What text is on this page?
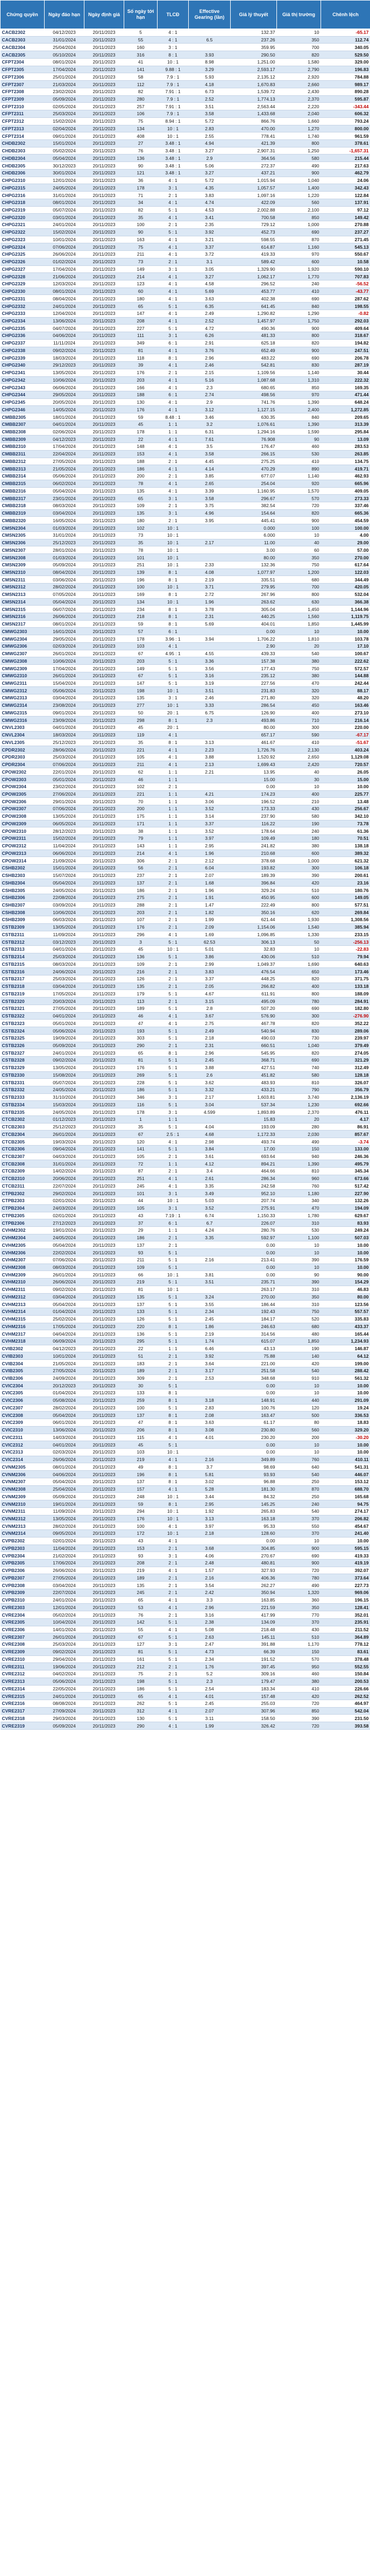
Chứng quyền	Ngày đáo hạn	Ngày định giá	Số ngày tới hạn	TLCĐ	Effective Gearing (lần)	Giá lý thuyết	Giá thị trường	Chênh lệch
CACB2302	04/12/2023	20/11/2023	5	4 : 1		132.37	10	-65.17
CACB2303	31/01/2024	20/11/2023	55	4 : 1	6.5	237.26	350	112.74
CACB2304	25/04/2024	20/11/2023	160	3 : 1		359.95	700	340.05
CACB2305	05/10/2024	20/11/2023	316	8 : 1	3.93	290.50	820	529.50
CFPT2304	08/01/2024	20/11/2023	41	10 : 1	8.98	1,251.00	1,580	329.00
CFPT2305	17/04/2024	20/11/2023	141	9.88 : 1	3.29	2,593.17	2,790	196.83
CFPT2306	25/01/2024	20/11/2023	58	7.9 : 1	5.93	2,135.12	2,920	784.88
CFPT2307	21/03/2024	20/11/2023	112	7.9 : 1	4.18	1,670.83	2,660	989.17
CFPT2308	23/02/2024	20/11/2023	82	7.91 : 1	6.73	1,539.72	2,430	890.28
CFPT2309	05/09/2024	20/11/2023	280	7.9 : 1	2.52	1,774.13	2,370	595.87
CFPT2310	02/05/2024	20/11/2023	257	7.91 : 1	3.51	2,563.44	2,220	-343.44
CFPT2311	25/03/2024	20/11/2023	106	7.9 : 1	3.58	1,433.68	2,040	606.32
CFPT2312	15/02/2024	20/11/2023	75	8.94 : 1	5.72	866.76	1,660	793.24
CFPT2313	02/04/2024	20/11/2023	134	10 : 1	2.83	470.00	1,270	800.00
CFPT2314	09/01/2024	20/11/2023	408	10 : 1	2.55	778.41	1,740	961.59
CHDB2302	15/01/2024	20/11/2023	27	3.48 : 1	4.94	421.39	800	378.61
CHDB2303	05/02/2024	20/11/2023	76	3.48 : 1	3.27	2,907.31	1,250	-1,657.31
CHDB2304	05/04/2024	20/11/2023	136	3.48 : 1	2.9	364.56	580	215.44
CHDB2305	30/12/2023	20/11/2023	90	3.48 : 1	5.06	272.37	490	217.63
CHDB2306	30/01/2024	20/11/2023	121	3.48 : 1	3.27	437.21	900	462.79
CHPG2310	12/01/2024	20/11/2023	36	4 : 1	5.72	1,015.94	1,040	24.06
CHPG2315	24/05/2024	20/11/2023	178	3 : 1	4.35	1,057.57	1,400	342.43
CHPG2316	31/01/2024	20/11/2023	71	2 : 1	3.83	1,097.16	1,220	122.84
CHPG2318	08/01/2024	20/11/2023	34	4 : 1	4.74	422.09	560	137.91
CHPG2319	05/07/2024	20/11/2023	82	5 : 1	4.53	2,002.88	2,100	97.12
CHPG2320	03/01/2024	20/11/2023	35	4 : 1	3.41	700.58	850	149.42
CHPG2321	24/01/2024	20/11/2023	100	2 : 1	2.35	729.12	1,000	270.88
CHPG2322	15/02/2024	20/11/2023	90	5 : 1	3.92	452.73	690	237.27
CHPG2323	10/01/2024	20/11/2023	163	4 : 1	3.21	598.55	870	271.45
CHPG2324	07/06/2024	20/11/2023	75	4 : 1	3.37	614.87	1,160	545.13
CHPG2325	26/06/2024	20/11/2023	211	4 : 1	3.72	419.33	970	550.67
CHPG2326	01/02/2024	20/11/2023	73	2 : 1	3.1	589.42	600	10.58
CHPG2327	17/04/2024	20/11/2023	149	3 : 1	3.05	1,329.90	1,920	590.10
CHPG2328	21/06/2024	20/11/2023	214	4 : 1	3.27	1,062.17	1,770	707.83
CHPG2329	12/03/2024	20/11/2023	123	4 : 1	4.58	296.52	240	-56.52
CHPG2330	08/01/2024	20/11/2023	60	4 : 1	5.69	453.77	410	-43.77
CHPG2331	08/04/2024	20/11/2023	180	4 : 1	3.63	402.38	690	287.62
CHPG2332	24/01/2024	20/11/2023	65	5 : 1	6.35	641.45	840	198.55
CHPG2333	12/04/2024	20/11/2023	147	4 : 1	2.49	1,290.82	1,290	-0.82
CHPG2334	13/06/2024	20/11/2023	208	4 : 1	2.52	1,457.97	1,750	292.03
CHPG2335	04/07/2024	20/11/2023	227	5 : 1	4.72	490.36	900	409.64
CHPG2336	04/06/2024	20/11/2023	111	3 : 1	6.26	481.33	800	318.67
CHPG2337	11/11/2024	20/11/2023	349	6 : 1	2.91	625.18	820	194.82
CHPG2338	09/02/2024	20/11/2023	81	4 : 1	3.76	652.49	900	247.51
CHPG2339	18/03/2024	20/11/2023	118	8 : 1	2.96	483.22	690	206.78
CHPG2340	29/12/2023	20/11/2023	39	4 : 1	2.46	542.81	830	287.19
CHPG2341	13/05/2024	20/11/2023	176	2 : 1	2.15	1,109.56	1,140	30.44
CHPG2342	10/06/2024	20/11/2023	203	4 : 1	5.16	1,087.68	1,310	222.32
CHPG2343	06/06/2024	20/11/2023	166	4 : 1	2.3	680.65	850	169.35
CHPG2344	29/05/2024	20/11/2023	188	6 : 1	2.74	498.56	970	471.44
CHPG2345	20/05/2024	20/11/2023	130	4 : 1	2.9	741.76	1,390	648.24
CHPG2346	14/05/2024	20/11/2023	176	4 : 1	3.12	1,127.15	2,400	1,272.85
CMBB2305	18/01/2024	20/11/2023	59	8.48 : 1	3.46	630.35	840	209.65
CMBB2307	04/01/2024	20/11/2023	45	1 : 1	3.2	1,076.61	1,390	313.39
CMBB2308	02/06/2024	20/11/2023	178	1 : 1	6.31	1,294.16	1,590	295.84
CMBB2309	04/12/2023	20/11/2023	22	4 : 1	7.61	76.908	90	13.09
CMBB2310	17/04/2024	20/11/2023	148	4 : 1	3.5	176.47	460	283.53
CMBB2311	22/04/2024	20/11/2023	153	4 : 1	3.58	266.15	530	263.85
CMBB2312	27/05/2024	20/11/2023	188	2 : 1	4.45	275.25	410	134.75
CMBB2313	21/05/2024	20/11/2023	186	4 : 1	4.14	470.29	890	419.71
CMBB2314	05/06/2024	20/11/2023	200	2 : 1	3.85	677.07	1,140	462.93
CMBB2315	06/02/2024	20/11/2023	78	4 : 1	2.65	254.04	920	665.96
CMBB2316	05/04/2024	20/11/2023	135	4 : 1	3.39	1,160.95	1,570	409.05
CMBB2317	23/01/2024	20/11/2023	65	3 : 1	3.58	296.67	570	273.33
CMBB2318	08/03/2024	20/11/2023	109	2 : 1	3.75	382.54	720	337.46
CMBB2319	03/04/2024	20/11/2023	135	3 : 1	4.96	154.64	820	665.36
CMBB2320	16/05/2024	20/11/2023	180	2 : 1	3.95	445.41	900	454.59
CMSN2304	01/03/2024	20/11/2023	102	10 : 1		0.000	100	100.00
CMSN2305	31/01/2024	20/11/2023	73	10 : 1		6.000	10	4.00
CMSN2306	25/12/2023	20/11/2023	35	10 : 1	2.17	11.00	40	29.00
CMSN2307	28/01/2024	20/11/2023	78	10 : 1		3.00	60	57.00
CMSN2308	01/03/2024	20/11/2023	101	10 : 1		80.00	350	270.00
CMSN2309	05/09/2024	20/11/2023	251	10 : 1	2.33	132.36	750	617.64
CMSN2310	08/04/2024	20/11/2023	139	8 : 1	4.08	1,077.97	1,200	122.03
CMSN2311	03/06/2024	20/11/2023	196	8 : 1	2.19	335.51	680	344.49
CMSN2312	28/02/2024	20/11/2023	100	10 : 1	3.71	279.95	700	420.05
CMSN2313	07/05/2024	20/11/2023	169	8 : 1	2.72	267.96	800	532.04
CMSN2314	05/04/2024	20/11/2023	134	10 : 1	1.96	263.62	630	366.38
CMSN2315	06/07/2024	20/11/2023	234	8 : 1	3.78	305.04	1,450	1,144.96
CMSN2316	26/06/2024	20/11/2023	218	8 : 1	2.31	440.25	1,560	1,119.75
CMSN2317	08/01/2024	20/11/2023	59	8 : 1	5.69	404.01	1,850	1,445.99
CMWG2303	16/01/2024	20/11/2023	57	6 : 1		0.00	10	10.00
CMWG2304	29/05/2024	20/11/2023	178	3.96 : 1	3.94	1,706.22	1,810	103.78
CMWG2306	02/03/2024	20/11/2023	103	4 : 1		2.90	20	17.10
CMWG2307	26/01/2024	20/11/2023	67	4.95 : 1	4.55	439.33	540	100.67
CMWG2308	10/06/2024	20/11/2023	203	5 : 1	3.36	157.38	380	222.62
CMWG2309	17/04/2024	20/11/2023	149	5 : 1	3.56	177.43	750	572.57
CMWG2310	26/01/2024	20/11/2023	67	5 : 1	3.16	235.12	380	144.88
CMWG2311	15/04/2024	20/11/2023	147	5 : 1	3.19	227.56	470	242.44
CMWG2312	05/06/2024	20/11/2023	198	10 : 1	3.51	231.83	320	88.17
CMWG2313	03/04/2024	20/11/2023	135	3 : 1	2.46	271.80	320	48.20
CMWG2314	23/08/2024	20/11/2023	277	10 : 1	3.33	286.54	450	163.46
CMWG2315	09/01/2024	20/11/2023	50	20 : 1	6.75	126.90	400	273.10
CMWG2316	23/09/2024	20/11/2023	298	8 : 1	2.3	493.86	710	216.14
CNVL2303	04/01/2024	20/11/2023	45	20 : 1		80.00	300	220.00
CNVL2304	18/03/2024	20/11/2023	119	4 : 1		657.17	590	-67.17
CNVL2305	25/12/2023	20/11/2023	35	8 : 1	3.13	461.67	410	-51.67
CPDR2302	28/06/2024	20/11/2023	221	4 : 1	2.23	1,726.76	2,130	403.24
CPDR2303	25/03/2024	20/11/2023	105	4 : 1	3.88	1,520.92	2,650	1,129.08
CPDR2304	07/06/2024	20/11/2023	211	4 : 1	2.13	1,699.43	2,420	720.57
CPOW2302	22/01/2024	20/11/2023	62	1 : 1	2.21	13.95	40	26.05
CPOW2303	05/01/2024	20/11/2023	46	1 : 1		15.00	30	15.00
CPOW2304	23/02/2024	20/11/2023	102	2 : 1		0.00	10	10.00
CPOW2305	27/06/2024	20/11/2023	221	1 : 1	4.21	174.23	400	225.77
CPOW2306	29/01/2024	20/11/2023	70	1 : 1	3.06	196.52	210	13.48
CPOW2307	07/06/2024	20/11/2023	200	1 : 1	3.52	173.33	430	256.67
CPOW2308	13/05/2024	20/11/2023	175	1 : 1	3.14	237.90	580	342.10
CPOW2309	06/05/2024	20/11/2023	171	1 : 1	3.37	116.22	190	73.78
CPOW2310	28/12/2023	20/11/2023	38	1 : 1	3.52	178.64	240	61.36
CPOW2311	15/02/2024	20/11/2023	79	1 : 1	3.97	109.49	180	70.51
CPOW2312	11/04/2024	20/11/2023	143	1 : 1	2.95	241.82	380	138.18
CPOW2313	06/06/2024	20/11/2023	214	4 : 1	1.96	210.68	600	389.32
CPOW2314	21/09/2024	20/11/2023	306	2 : 1	2.12	378.68	1,000	621.32
CSHB2302	15/01/2024	20/11/2023	56	2 : 1	6.04	193.82	300	106.18
CSHB2303	15/07/2024	20/11/2023	237	2 : 1	2.07	189.39	390	200.61
CSHB2304	05/04/2024	20/11/2023	137	2 : 1	1.68	396.84	420	23.16
CSHB2305	24/05/2024	20/11/2023	186	2 : 1	1.96	329.24	510	180.76
CSHB2306	22/08/2024	20/11/2023	275	2 : 1	1.91	450.95	600	149.05
CSHB2307	03/09/2024	20/11/2023	288	2 : 1	1.47	222.49	800	577.51
CSHB2308	10/06/2024	20/11/2023	203	2 : 1	1.82	350.16	620	269.84
CSHB2309	06/03/2024	20/11/2023	107	2 : 1	1.99	621.44	1,930	1,308.56
CSTB2309	13/05/2024	20/11/2023	176	2 : 1	2.09	1,154.06	1,540	385.94
CSTB2311	11/09/2024	20/11/2023	296	4 : 1	1.69	1,096.85	1,330	233.15
CSTB2312	03/12/2023	20/11/2023	3	5 : 1	62.53	306.13	50	-256.13
CSTB2313	04/01/2024	20/11/2023	45	10 : 1	5.01	32.83	10	-22.83
CSTB2314	25/03/2024	20/11/2023	136	5 : 1	3.86	430.06	510	79.94
CSTB2315	08/03/2024	20/11/2023	109	2 : 1	2.99	1,049.37	1,690	640.63
CSTB2316	24/06/2024	20/11/2023	216	2 : 1	3.83	476.54	650	173.46
CSTB2317	25/03/2024	20/11/2023	126	2 : 1	3.37	448.25	820	371.75
CSTB2318	03/04/2024	20/11/2023	135	2 : 1	2.05	266.82	400	133.18
CSTB2319	17/05/2024	20/11/2023	179	5 : 1	4.67	611.91	800	188.09
CSTB2320	20/03/2024	20/11/2023	113	2 : 1	3.15	495.09	780	284.91
CSTB2321	27/05/2024	20/11/2023	189	5 : 1	2.8	507.20	690	182.80
CSTB2322	04/01/2024	20/11/2023	46	4 : 1	3.67	576.90	300	-276.90
CSTB2323	05/01/2024	20/11/2023	47	4 : 1	2.75	467.78	820	352.22
CSTB2324	05/06/2024	20/11/2023	193	5 : 1	2.49	540.94	830	289.06
CSTB2325	19/09/2024	20/11/2023	303	5 : 1	2.18	490.03	730	239.97
CSTB2326	05/09/2024	20/11/2023	290	2 : 1	2.31	660.51	1,040	379.49
CSTB2327	24/01/2024	20/11/2023	65	8 : 1	2.96	545.95	820	274.05
CSTB2328	09/02/2024	20/11/2023	81	5 : 1	2.45	368.71	690	321.29
CSTB2329	13/05/2024	20/11/2023	176	5 : 1	3.88	427.51	740	312.49
CSTB2330	15/08/2024	20/11/2023	269	5 : 1	2.6	451.82	580	128.18
CSTB2331	05/07/2024	20/11/2023	228	5 : 1	3.62	483.93	810	326.07
CSTB2332	24/05/2024	20/11/2023	186	5 : 1	3.32	433.21	790	356.79
CSTB2333	31/10/2024	20/11/2023	346	3 : 1	2.17	1,603.81	3,740	2,136.19
CSTB2334	15/03/2024	20/11/2023	116	5 : 1	3.04	537.34	1,230	692.66
CSTB2335	24/05/2024	20/11/2023	178	3 : 1	4.599	1,893.89	2,370	476.11
CTCB2302	01/12/2023	20/11/2023	1	1 : 1		15.83	20	4.17
CTCB2303	25/12/2023	20/11/2023	35	5 : 1	4.04	193.09	280	86.91
CTCB2304	26/01/2024	20/11/2023	67	2.5 : 1	4.68	1,172.33	2,030	857.67
CTCB2305	19/03/2024	20/11/2023	120	4 : 1	2.98	493.74	490	-3.74
CTCB2306	09/04/2024	20/11/2023	141	5 : 1	3.84	17.00	150	133.00
CTCB2307	04/03/2024	20/11/2023	105	2 : 1	3.61	693.64	940	246.36
CTCB2308	31/01/2024	20/11/2023	72	1 : 1	4.12	894.21	1,390	495.79
CTCB2309	14/02/2024	20/11/2023	87	2 : 1	3.4	464.66	810	345.34
CTCB2310	20/06/2024	20/11/2023	251	4 : 1	2.61	286.34	960	673.66
CTCB2311	22/07/2024	20/11/2023	245	4 : 1	3.35	242.58	760	517.42
CTPB2302	29/02/2024	20/11/2023	101	3 : 1	3.49	952.10	1,180	227.90
CTPB2303	02/01/2024	20/11/2023	44	10 : 1	5.03	207.74	340	132.26
CTPB2304	24/03/2024	20/11/2023	105	3 : 1	3.52	275.91	470	194.09
CTPB2305	02/01/2024	20/11/2023	43	7.19 : 1	6.74	1,150.33	1,780	629.67
CTPB2306	27/12/2023	20/11/2023	37	6 : 1	6.7	226.07	310	83.93
CVHM2302	19/01/2024	20/11/2023	29	1 : 1	4.24	280.76	530	249.24
CVHM2304	24/05/2024	20/11/2023	186	2 : 1	3.35	592.97	1,100	507.03
CVHM2305	05/04/2024	20/11/2023	137	2 : 1		0.00	10	10.00
CVHM2306	22/02/2024	20/11/2023	93	5 : 1		0.00	10	10.00
CVHM2307	07/06/2024	20/11/2023	211	5 : 1	2.16	213.41	390	176.59
CVHM2308	08/03/2024	20/11/2023	109	5 : 1		0.00	10	10.00
CVHM2309	26/01/2024	20/11/2023	66	10 : 1	3.81	0.00	90	90.00
CVHM2310	26/06/2024	20/11/2023	219	5 : 1	3.51	235.71	390	154.29
CVHM2311	09/02/2024	20/11/2023	81	10 : 1		263.17	310	46.83
CVHM2312	03/04/2024	20/11/2023	135	5 : 1	3.24	270.00	350	80.00
CVHM2313	05/04/2024	20/11/2023	137	5 : 1	3.55	186.44	310	123.56
CVHM2314	01/04/2024	20/11/2023	133	5 : 1	2.34	192.43	750	557.57
CVHM2315	25/02/2024	20/11/2023	126	5 : 1	2.45	184.17	520	335.83
CVHM2316	17/05/2024	20/11/2023	220	8 : 1	1.86	246.63	680	433.37
CVHM2317	04/04/2024	20/11/2023	136	5 : 1	2.19	314.56	480	165.44
CVHM2318	06/09/2024	20/11/2023	295	5 : 1	1.74	615.07	1,850	1,234.93
CVIB2302	04/12/2023	20/11/2023	22	1 : 1	6.46	43.13	190	146.87
CVIB2303	10/01/2024	20/11/2023	51	2 : 1	3.92	75.88	140	64.12
CVIB2304	21/05/2024	20/11/2023	183	2 : 1	3.64	221.00	420	199.00
CVIB2305	27/05/2024	20/11/2023	189	2 : 1	3.17	251.58	540	288.42
CVIB2306	24/09/2024	20/11/2023	309	2 : 1	2.53	348.68	910	561.32
CVIC2304	20/12/2023	20/11/2023	30	5 : 1		0.00	10	10.00
CVIC2305	01/04/2024	20/11/2023	133	8 : 1		0.00	10	10.00
CVIC2306	05/08/2024	20/11/2023	259	8 : 1	3.18	148.91	440	291.09
CVIC2307	28/02/2024	20/11/2023	100	5 : 1	2.83	100.76	120	19.24
CVIC2308	05/04/2024	20/11/2023	137	8 : 1	2.08	163.47	500	336.53
CVIC2309	06/01/2024	20/11/2023	47	8 : 1	3.63	61.17	80	18.83
CVIC2310	13/06/2024	20/11/2023	206	8 : 1	3.08	230.80	560	329.20
CVIC2311	14/03/2024	20/11/2023	115	4 : 1	4.01	230.20	200	-30.20
CVIC2312	04/01/2024	20/11/2023	45	5 : 1		0.00	10	10.00
CVIC2313	02/03/2024	20/11/2023	103	10 : 1		0.00	10	10.00
CVIC2314	26/06/2024	20/11/2023	219	4 : 1	2.16	349.89	760	410.11
CVNM2305	08/01/2024	20/11/2023	49	8 : 1	3.7	98.69	640	541.31
CVNM2306	04/06/2024	20/11/2023	196	8 : 1	5.81	93.93	540	446.07
CVNM2307	05/04/2024	20/11/2023	137	8 : 1	3.02	96.88	250	153.12
CVNM2308	25/04/2024	20/11/2023	157	4 : 1	5.28	181.30	870	688.70
CVNM2309	05/09/2024	20/11/2023	248	10 : 1	3.44	84.32	250	165.68
CVNM2310	19/01/2024	20/11/2023	59	8 : 1	2.95	145.25	240	94.75
CVNM2311	11/09/2024	20/11/2023	294	10 : 1	1.92	265.83	540	274.17
CVNM2312	13/05/2024	20/11/2023	176	10 : 1	3.13	163.18	370	206.82
CVNM2313	28/02/2024	20/11/2023	100	4 : 1	3.97	95.33	550	454.67
CVNM2314	09/05/2024	20/11/2023	172	10 : 1	2.18	128.60	370	241.40
CVPB2302	02/01/2024	20/11/2023	43	4 : 1		0.00	10	10.00
CVPB2303	11/04/2024	20/11/2023	153	2 : 1	3.68	304.85	900	595.15
CVPB2304	21/02/2024	20/11/2023	93	3 : 1	4.06	270.67	690	419.33
CVPB2305	17/06/2024	20/11/2023	208	2 : 1	2.48	480.81	900	419.19
CVPB2306	26/06/2024	20/11/2023	219	4 : 1	1.57	327.93	720	392.07
CVPB2307	27/05/2024	20/11/2023	189	2 : 1	2.16	406.36	780	373.64
CVPB2308	03/04/2024	20/11/2023	135	2 : 1	3.54	262.27	490	227.73
CVPB2309	22/07/2024	20/11/2023	245	2 : 1	2.42	350.94	1,320	969.06
CVPB2310	24/01/2024	20/11/2023	65	4 : 1	3.3	163.85	360	196.15
CVRE2303	12/01/2024	20/11/2023	53	4 : 1	2.96	221.59	350	128.41
CVRE2304	05/02/2024	20/11/2023	76	2 : 1	3.16	417.99	770	352.01
CVRE2305	10/04/2024	20/11/2023	142	5 : 1	2.38	134.09	370	235.91
CVRE2306	14/01/2024	20/11/2023	55	4 : 1	5.08	218.48	430	211.52
CVRE2307	26/01/2024	20/11/2023	67	5 : 1	2.63	145.11	510	364.89
CVRE2308	25/03/2024	20/11/2023	127	3 : 1	2.47	391.88	1,170	778.12
CVRE2309	09/02/2024	20/11/2023	81	5 : 1	4.73	66.39	150	83.61
CVRE2310	29/04/2024	20/11/2023	161	5 : 1	2.34	191.52	570	378.48
CVRE2311	19/06/2024	20/11/2023	212	2 : 1	1.76	397.45	950	552.55
CVRE2312	04/02/2024	20/11/2023	75	2 : 1	5.2	309.16	460	150.84
CVRE2313	05/06/2024	20/11/2023	198	5 : 1	2.3	179.47	380	200.53
CVRE2314	22/05/2024	20/11/2023	186	5 : 1	2.54	183.34	410	226.66
CVRE2315	24/01/2024	20/11/2023	65	4 : 1	4.01	157.48	420	262.52
CVRE2316	08/08/2024	20/11/2023	262	5 : 1	2.45	255.03	720	464.97
CVRE2317	27/09/2024	20/11/2023	312	4 : 1	2.07	307.96	850	542.04
CVRE2318	29/03/2024	20/11/2023	130	5 : 1	3.11	158.50	390	231.50
CVRE2319	05/09/2024	20/11/2023	290	4 : 1	1.99	326.42	720	393.58
